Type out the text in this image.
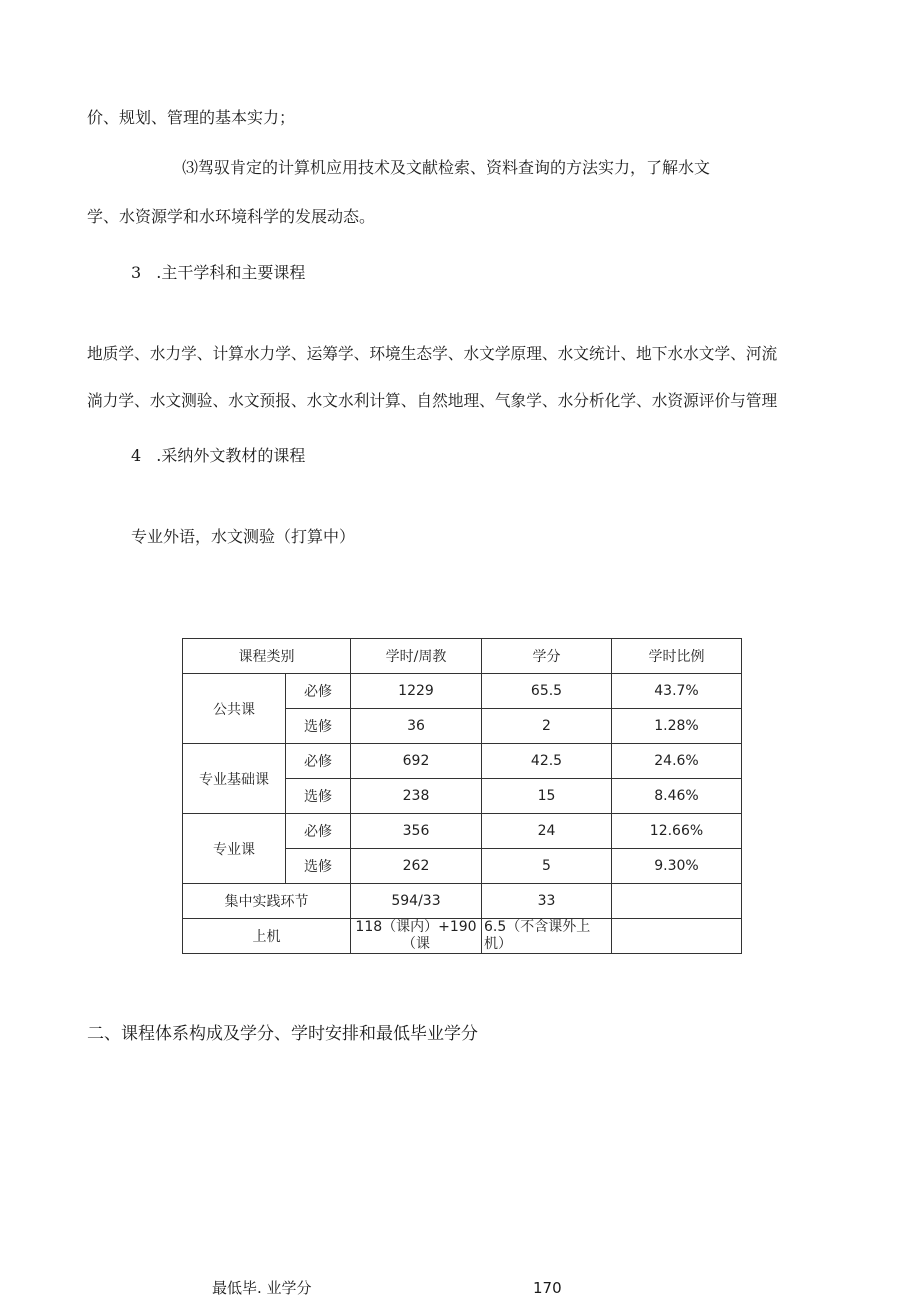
价、规划、管理的基本实力；
⑶驾驭肯定的计算机应用技术及文献检索、资料查询的方法实力，了解水文
学、水资源学和水环境科学的发展动态。
3 .主干学科和主要课程
地质学、水力学、计算水力学、运筹学、环境生态学、水文学原理、水文统计、地下水水文学、河流
淌力学、水文测验、水文预报、水文水利计算、自然地理、气象学、水分析化学、水资源评价与管理
4 .采纳外文教材的课程
专业外语，水文测验（打算中）
课程类别		学时/周教	学分	学时比例
公共课	必修	1229	65.5	43.7%
	选修	36	2	1.28%
专业基础课	必修	692	42.5	24.6%
	选修	238	15	8.46%
专业课	必修	356	24	12.66%
	选修	262	5	9.30%
集中实践环节		594/33	33	
上机		118（课内）+190（课	6.5（不含课外上机）	
二、课程体系构成及学分、学时安排和最低毕业学分
最低毕. 业学分	170
